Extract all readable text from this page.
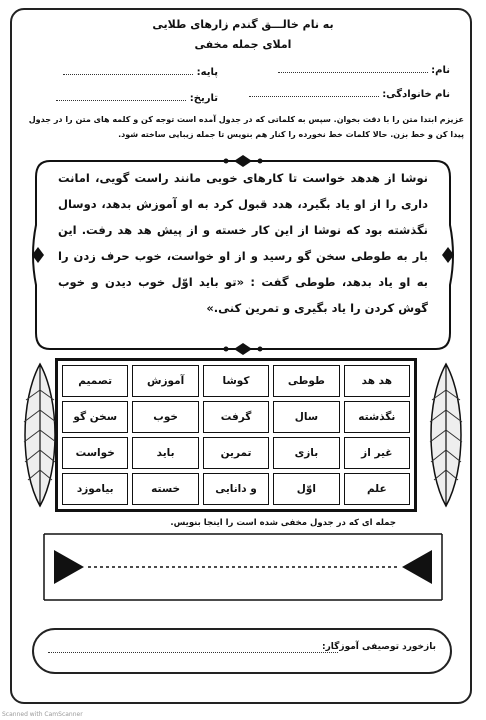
به نام خالـــق گندم زارهای طلایی
املای جمله مخفی
نام:
پایه:
نام خانوادگی:
تاریخ:
عزیزم ابتدا متن را با دقت بخوان. سپس به کلماتی که در جدول آمده است توجه کن و کلمه های متن را در جدول پیدا کن و خط بزن. حالا کلمات خط نخورده را کنار هم بنویس تا جمله زیبایی ساخته شود.
نوشا از هدهد خواست تا کارهای خوبی مانند راست گویی، امانت داری را از او یاد بگیرد، هدد قبول کرد به او آموزش بدهد، دوسال نگذشته بود که نوشا از این کار خسته و از پیش هد هد رفت. این بار به طوطی سخن گو رسید و از او خواست، خوب حرف زدن را به او یاد بدهد، طوطی گفت : «تو باید اوّل خوب دیدن و خوب گوش کردن را یاد بگیری و تمرین کنی.»
هد هد	طوطی	کوشا	آموزش	تصمیم
نگذشته	سال	گرفت	خوب	سخن گو
غیر از	بازی	تمرین	باید	خواست
علم	اوّل	و دانایی	خسته	بیاموزد
جمله ای که در جدول مخفی شده است را اینجا بنویس.
بازخورد توصیفی آموزگار:
Scanned with CamScanner
